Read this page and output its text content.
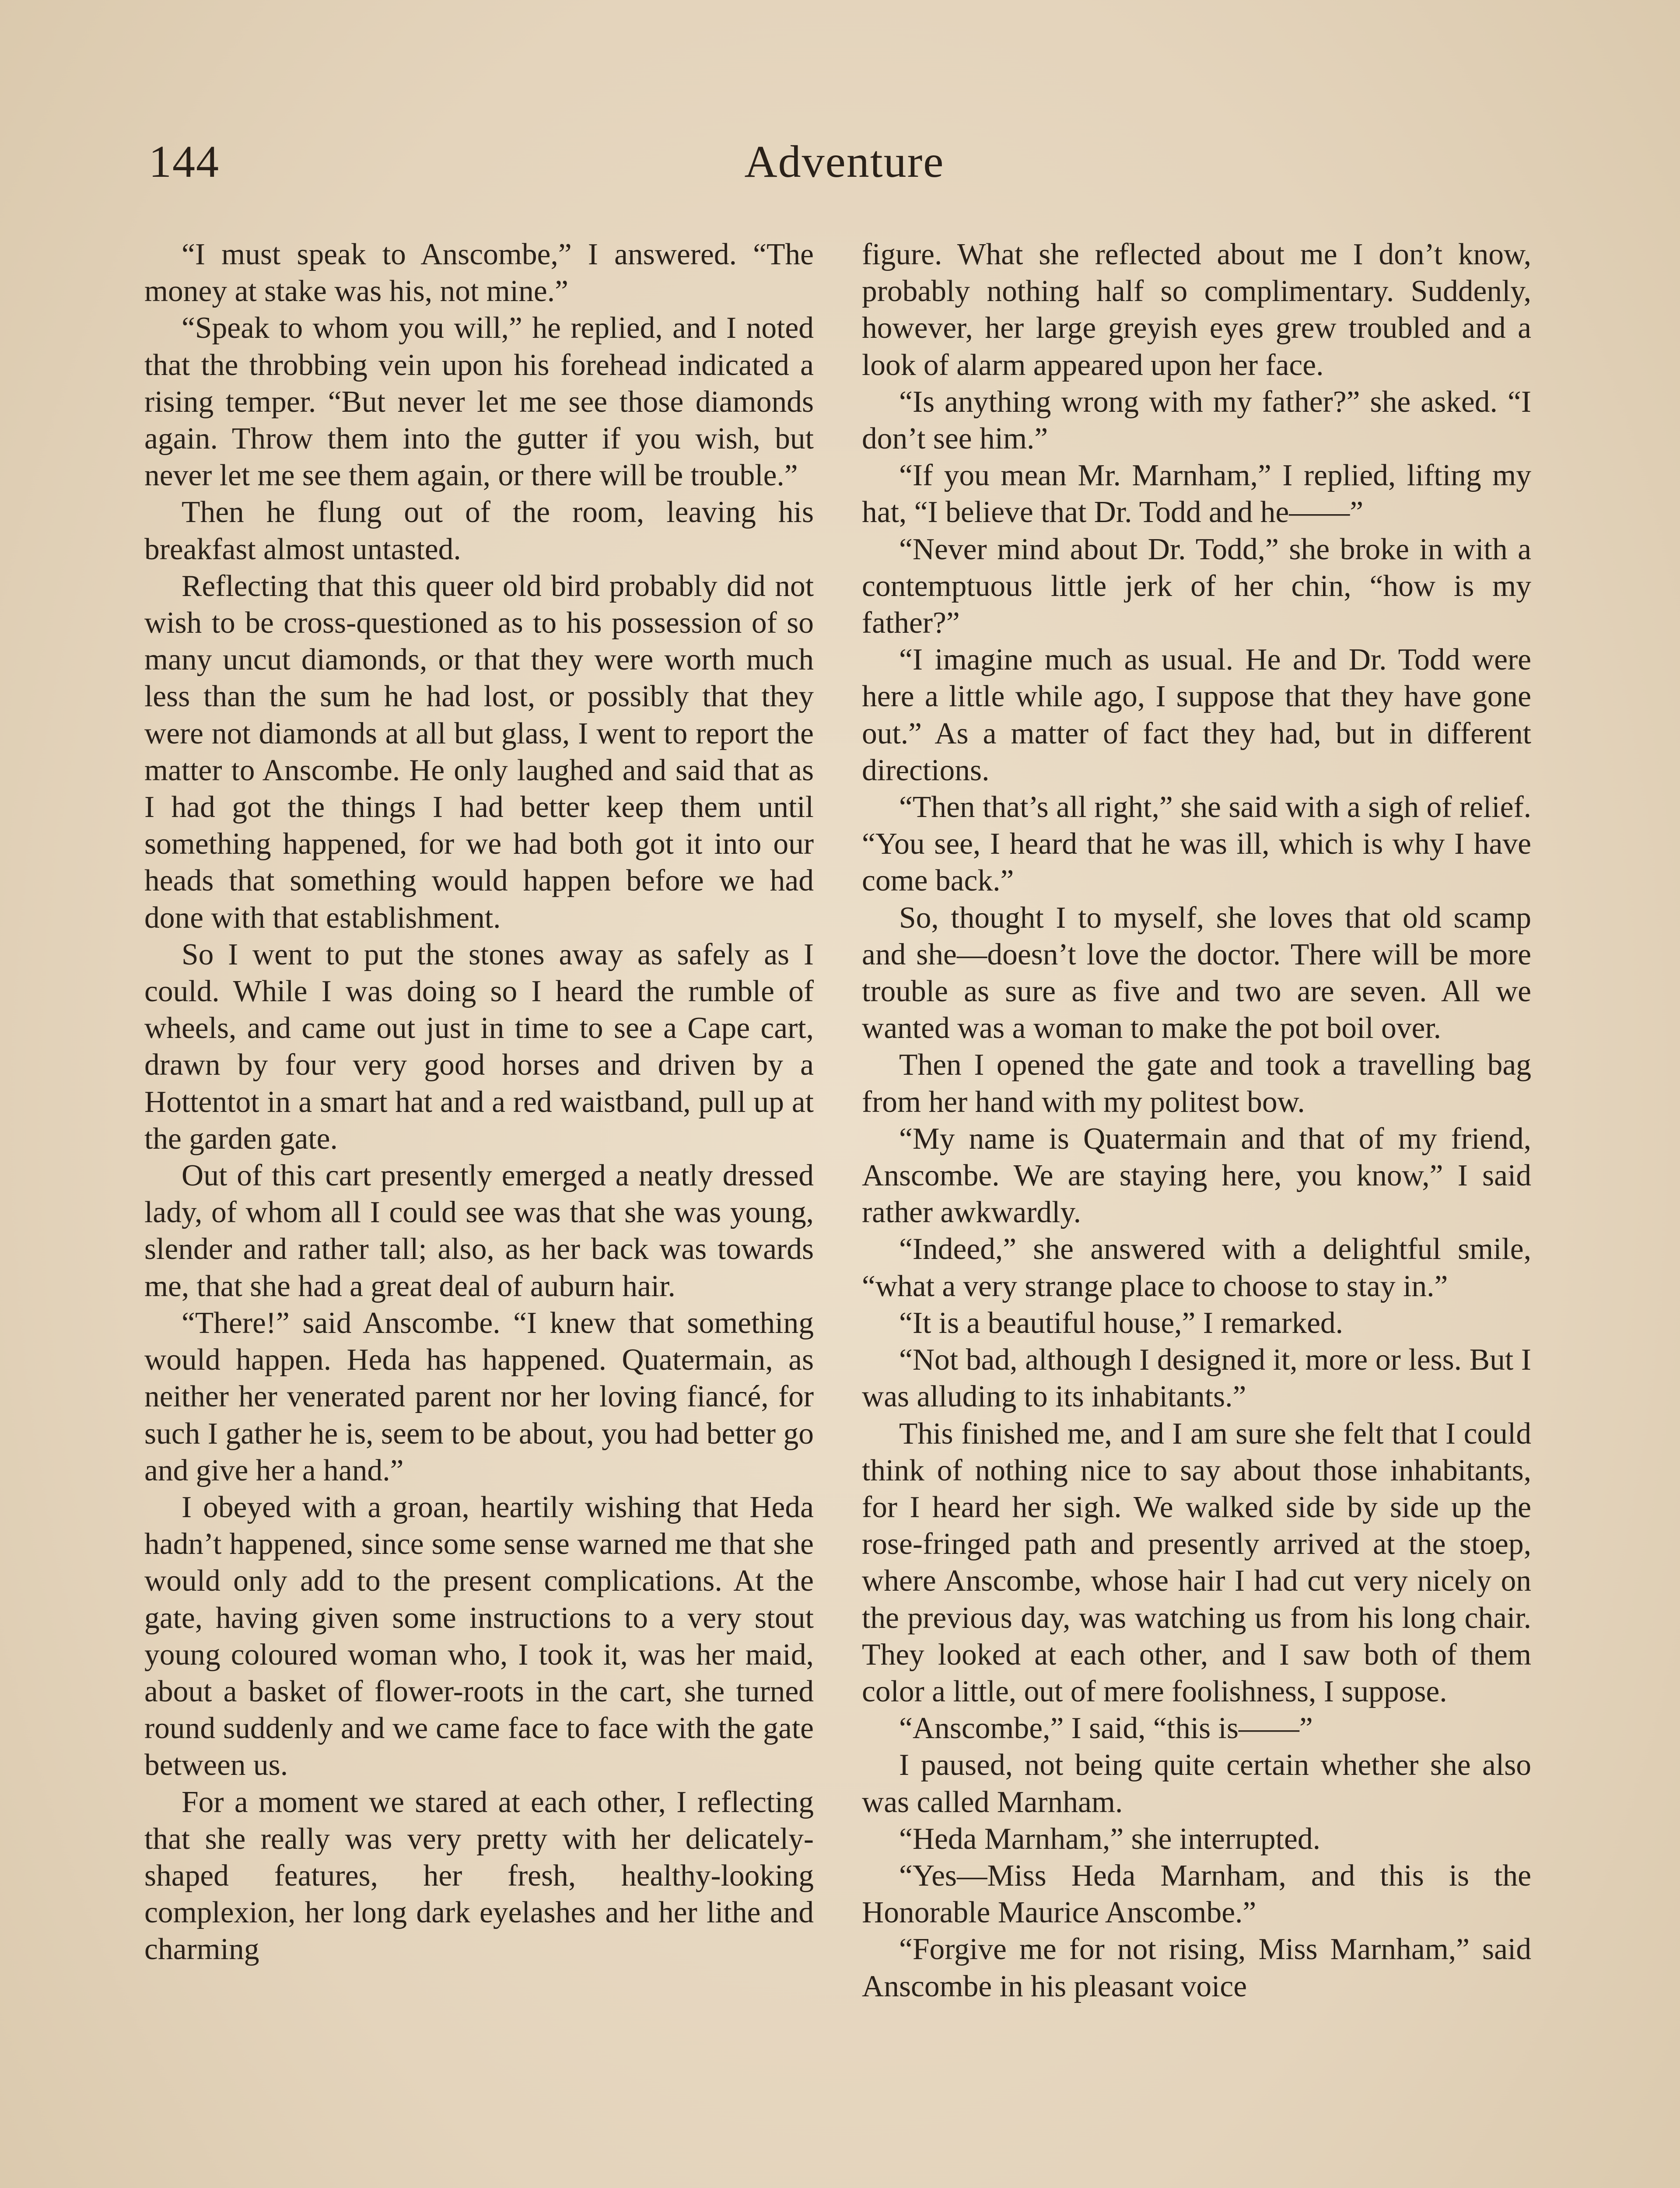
144	Adventure

“I must speak to Anscombe,” I answered. “The money at stake was his, not mine.”

“Speak to whom you will,” he replied, and I noted that the throbbing vein upon his forehead indicated a rising temper. “But never let me see those diamonds again. Throw them into the gutter if you wish, but never let me see them again, or there will be trouble.”

Then he flung out of the room, leaving his breakfast almost untasted.

Reflecting that this queer old bird probably did not wish to be cross-questioned as to his possession of so many uncut diamonds, or that they were worth much less than the sum he had lost, or possibly that they were not diamonds at all but glass, I went to report the matter to Anscombe. He only laughed and said that as I had got the things I had better keep them until something happened, for we had both got it into our heads that something would happen before we had done with that establishment.

So I went to put the stones away as safely as I could. While I was doing so I heard the rumble of wheels, and came out just in time to see a Cape cart, drawn by four very good horses and driven by a Hottentot in a smart hat and a red waistband, pull up at the garden gate.

Out of this cart presently emerged a neatly dressed lady, of whom all I could see was that she was young, slender and rather tall; also, as her back was towards me, that she had a great deal of auburn hair.

“There!” said Anscombe. “I knew that something would happen. Heda has happened. Quatermain, as neither her venerated parent nor her loving fiancé, for such I gather he is, seem to be about, you had better go and give her a hand.”

I obeyed with a groan, heartily wishing that Heda hadn’t happened, since some sense warned me that she would only add to the present complications. At the gate, having given some instructions to a very stout young coloured woman who, I took it, was her maid, about a basket of flower-roots in the cart, she turned round suddenly and we came face to face with the gate between us.

For a moment we stared at each other, I reflecting that she really was very pretty with her delicately-shaped features, her fresh, healthy-looking complexion, her long dark eyelashes and her lithe and charming

figure. What she reflected about me I don’t know, probably nothing half so complimentary. Suddenly, however, her large greyish eyes grew troubled and a look of alarm appeared upon her face.

“Is anything wrong with my father?” she asked. “I don’t see him.”

“If you mean Mr. Marnham,” I replied, lifting my hat, “I believe that Dr. Todd and he——”

“Never mind about Dr. Todd,” she broke in with a contemptuous little jerk of her chin, “how is my father?”

“I imagine much as usual. He and Dr. Todd were here a little while ago, I suppose that they have gone out.” As a matter of fact they had, but in different directions.

“Then that’s all right,” she said with a sigh of relief. “You see, I heard that he was ill, which is why I have come back.”

So, thought I to myself, she loves that old scamp and she—doesn’t love the doctor. There will be more trouble as sure as five and two are seven. All we wanted was a woman to make the pot boil over.

Then I opened the gate and took a travelling bag from her hand with my politest bow.

“My name is Quatermain and that of my friend, Anscombe. We are staying here, you know,” I said rather awkwardly.

“Indeed,” she answered with a delightful smile, “what a very strange place to choose to stay in.”

“It is a beautiful house,” I remarked.

“Not bad, although I designed it, more or less. But I was alluding to its inhabitants.”

This finished me, and I am sure she felt that I could think of nothing nice to say about those inhabitants, for I heard her sigh. We walked side by side up the rose-fringed path and presently arrived at the stoep, where Anscombe, whose hair I had cut very nicely on the previous day, was watching us from his long chair. They looked at each other, and I saw both of them color a little, out of mere foolishness, I suppose.

“Anscombe,” I said, “this is——”

I paused, not being quite certain whether she also was called Marnham.

“Heda Marnham,” she interrupted.

“Yes—Miss Heda Marnham, and this is the Honorable Maurice Anscombe.”

“Forgive me for not rising, Miss Marnham,” said Anscombe in his pleasant voice
